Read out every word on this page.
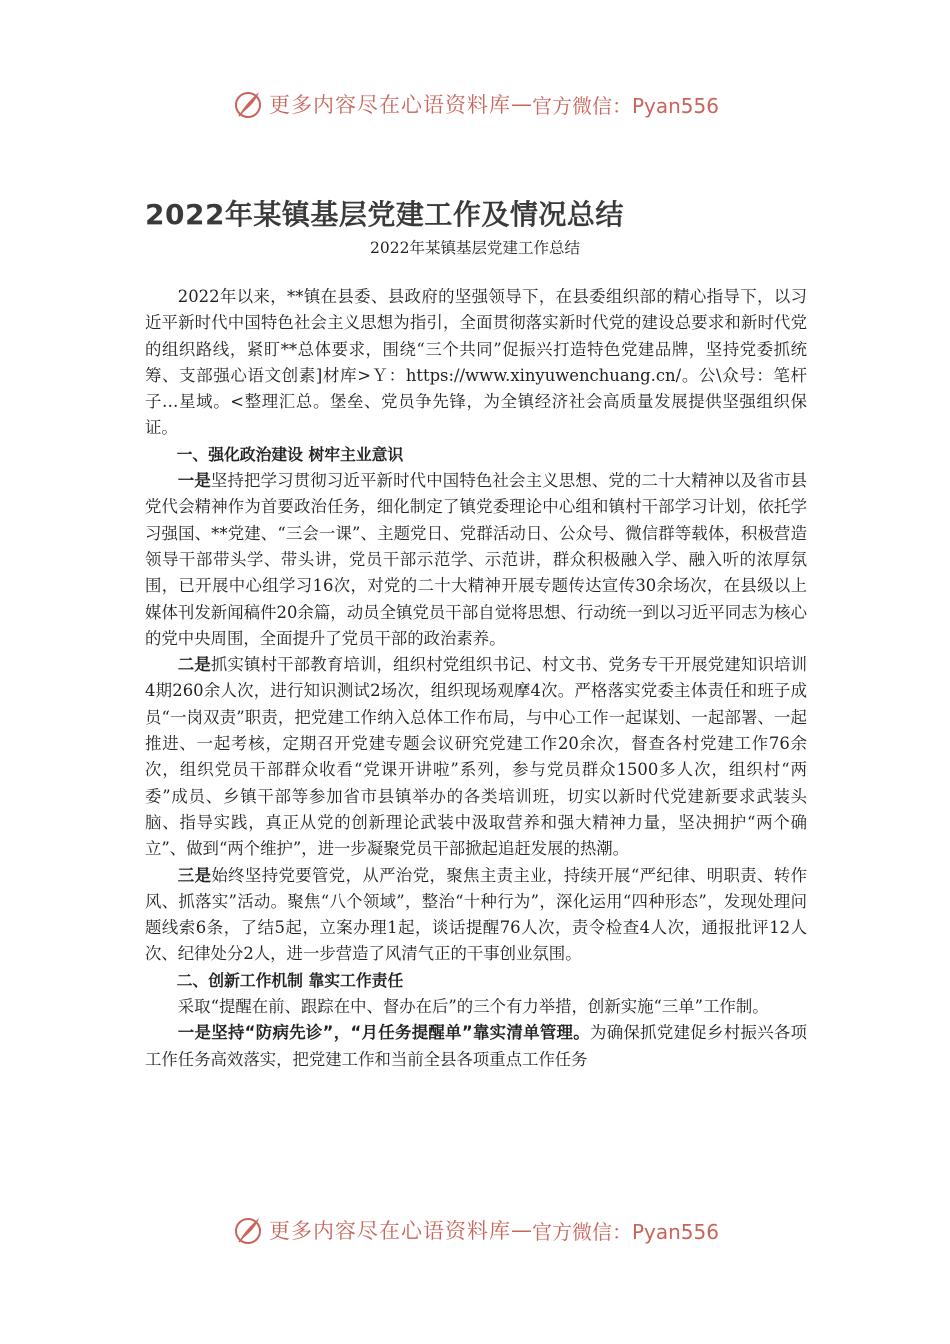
更多内容尽在心语资料库 — 官方微信：Pyan556
2022年某镇基层党建工作及情况总结
2022年某镇基层党建工作总结

2022年以来，**镇在县委、县政府的坚强领导下，在县委组织部的精心指导下，以习近平新时代中国特色社会主义思想为指引，全面贯彻落实新时代党的建设总要求和新时代党的组织路线，紧盯**总体要求，围绕“三个共同”促振兴打造特色党建品牌，坚持党委抓统筹、支部强心语文创素]材库>Ｙ：https://www.xinyuwenchuang.cn/。公\众号：笔杆子…星域。<整理汇总。堡垒、党员争先锋，为全镇经济社会高质量发展提供坚强组织保证。

一、强化政治建设 树牢主业意识

一是坚持把学习贯彻习近平新时代中国特色社会主义思想、党的二十大精神以及省市县党代会精神作为首要政治任务，细化制定了镇党委理论中心组和镇村干部学习计划，依托学习强国、**党建、“三会一课”、主题党日、党群活动日、公众号、微信群等载体，积极营造领导干部带头学、带头讲，党员干部示范学、示范讲，群众积极融入学、融入听的浓厚氛围，已开展中心组学习16次，对党的二十大精神开展专题传达宣传30余场次，在县级以上媒体刊发新闻稿件20余篇，动员全镇党员干部自觉将思想、行动统一到以习近平同志为核心的党中央周围，全面提升了党员干部的政治素养。

二是抓实镇村干部教育培训，组织村党组织书记、村文书、党务专干开展党建知识培训4期260余人次，进行知识测试2场次，组织现场观摩4次。严格落实党委主体责任和班子成员“一岗双责”职责，把党建工作纳入总体工作布局，与中心工作一起谋划、一起部署、一起推进、一起考核，定期召开党建专题会议研究党建工作20余次，督查各村党建工作76余次，组织党员干部群众收看“党课开讲啦”系列，参与党员群众1500多人次，组织村“两委”成员、乡镇干部等参加省市县镇举办的各类培训班，切实以新时代党建新要求武装头脑、指导实践，真正从党的创新理论武装中汲取营养和强大精神力量，坚决拥护“两个确立”、做到“两个维护”，进一步凝聚党员干部掀起追赶发展的热潮。

三是始终坚持党要管党，从严治党，聚焦主责主业，持续开展“严纪律、明职责、转作风、抓落实”活动。聚焦“八个领域”，整治“十种行为”，深化运用“四种形态”，发现处理问题线索6条，了结5起，立案办理1起，谈话提醒76人次，责令检查4人次，通报批评12人次、纪律处分2人，进一步营造了风清气正的干事创业氛围。

二、创新工作机制 靠实工作责任

采取“提醒在前、跟踪在中、督办在后”的三个有力举措，创新实施“三单”工作制。

一是坚持“防病先诊”，“月任务提醒单”靠实清单管理。为确保抓党建促乡村振兴各项工作任务高效落实，把党建工作和当前全县各项重点工作任务

更多内容尽在心语资料库 — 官方微信：Pyan556
